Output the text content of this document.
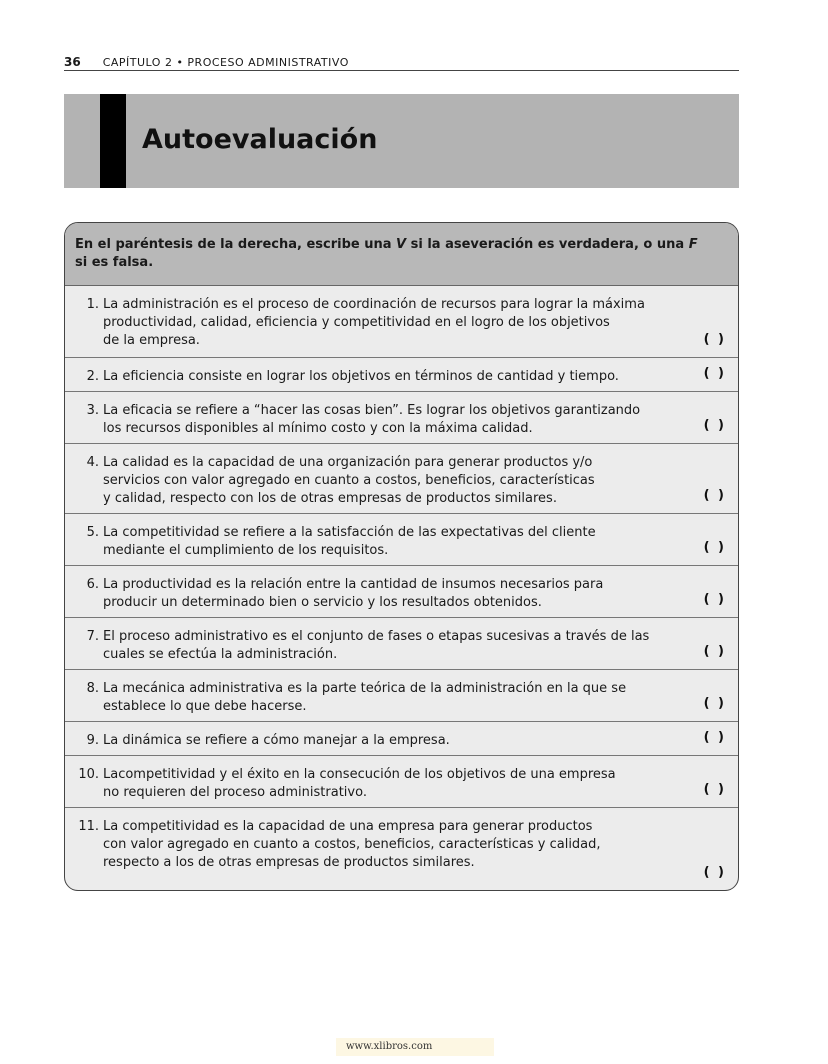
36 CAPÍTULO 2 • PROCESO ADMINISTRATIVO
Autoevaluación
En el paréntesis de la derecha, escribe una V si la aseveración es verdadera, o una F
si es falsa.
1. La administración es el proceso de coordinación de recursos para lograr la máxima
productividad, calidad, eficiencia y competitividad en el logro de los objetivos
de la empresa.	( )
2. La eficiencia consiste en lograr los objetivos en términos de cantidad y tiempo.	( )
3. La eficacia se refiere a “hacer las cosas bien”. Es lograr los objetivos garantizando
los recursos disponibles al mínimo costo y con la máxima calidad.	( )
4. La calidad es la capacidad de una organización para generar productos y/o
servicios con valor agregado en cuanto a costos, beneficios, características
y calidad, respecto con los de otras empresas de productos similares.	( )
5. La competitividad se refiere a la satisfacción de las expectativas del cliente
mediante el cumplimiento de los requisitos.	( )
6. La productividad es la relación entre la cantidad de insumos necesarios para
producir un determinado bien o servicio y los resultados obtenidos.	( )
7. El proceso administrativo es el conjunto de fases o etapas sucesivas a través de las
cuales se efectúa la administración.	( )
8. La mecánica administrativa es la parte teórica de la administración en la que se
establece lo que debe hacerse.	( )
9. La dinámica se refiere a cómo manejar a la empresa.	( )
10. Lacompetitividad y el éxito en la consecución de los objetivos de una empresa
no requieren del proceso administrativo.	( )
11. La competitividad es la capacidad de una empresa para generar productos
con valor agregado en cuanto a costos, beneficios, características y calidad,
respecto a los de otras empresas de productos similares.
( )
www.xlibros.com
